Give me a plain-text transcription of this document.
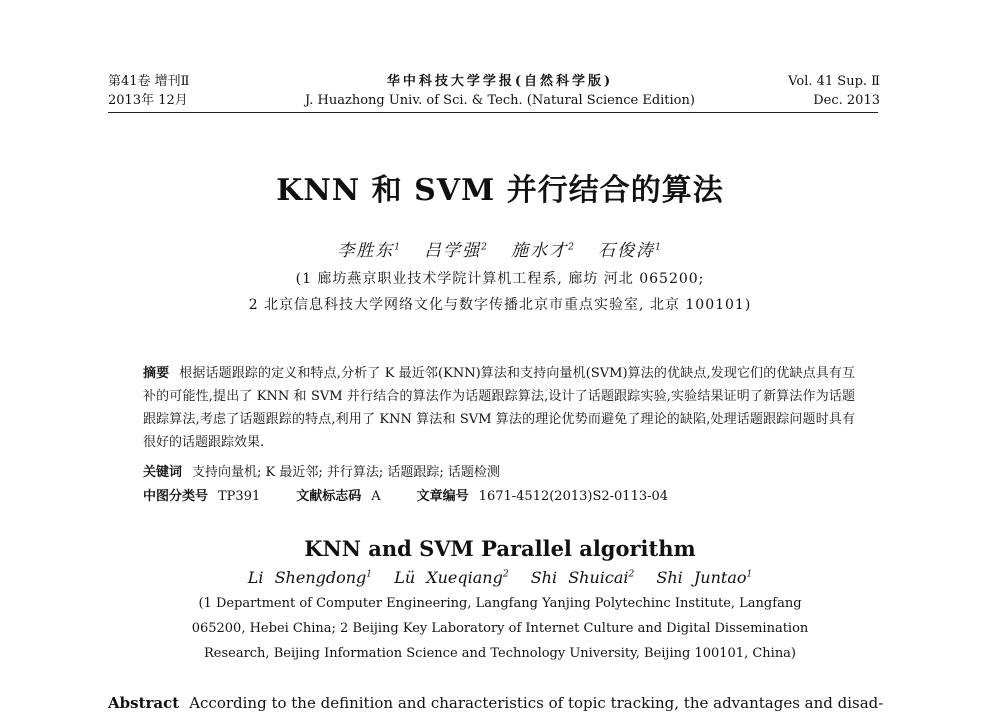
第41卷 增刊Ⅱ
2013年 12月
华中科技大学学报(自然科学版)
J. Huazhong Univ. of Sci. & Tech. (Natural Science Edition)
Vol. 41 Sup. Ⅱ
Dec. 2013
KNN 和 SVM 并行结合的算法
李胜东$^1$ 吕学强$^2$ 施水才$^2$ 石俊涛$^1$
(1 廊坊燕京职业技术学院计算机工程系, 廊坊 河北 065200;
2 北京信息科技大学网络文化与数字传播北京市重点实验室, 北京 100101)
摘要 根据话题跟踪的定义和特点,分析了 K 最近邻(KNN)算法和支持向量机(SVM)算法的优缺点,发现它们的优缺点具有互补的可能性,提出了 KNN 和 SVM 并行结合的算法作为话题跟踪算法,设计了话题跟踪实验,实验结果证明了新算法作为话题跟踪算法,考虑了话题跟踪的特点,利用了 KNN 算法和 SVM 算法的理论优势而避免了理论的缺陷,处理话题跟踪问题时具有很好的话题跟踪效果.
关键词 支持向量机; K 最近邻; 并行算法; 话题跟踪; 话题检测
中图分类号 TP391	文献标志码 A	文章编号 1671-4512(2013)S2-0113-04
KNN and SVM Parallel algorithm
Li Shengdong$^1$ Lü Xueqiang$^2$ Shi Shuicai$^2$ Shi Juntao$^1$
(1 Department of Computer Engineering, Langfang Yanjing Polytechinc Institute, Langfang
065200, Hebei China; 2 Beijing Key Laboratory of Internet Culture and Digital Dissemination
Research, Beijing Information Science and Technology University, Beijing 100101, China)
Abstract According to the definition and characteristics of topic tracking, the advantages and disad-
